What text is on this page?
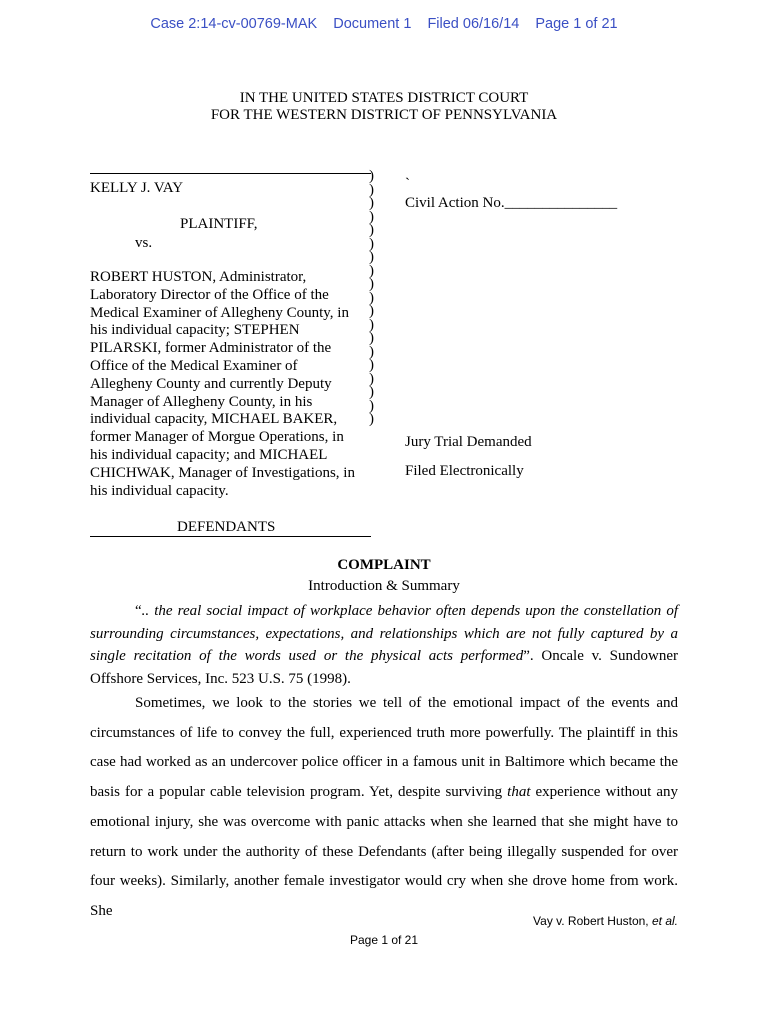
Case 2:14-cv-00769-MAK Document 1 Filed 06/16/14 Page 1 of 21
IN THE UNITED STATES DISTRICT COURT
FOR THE WESTERN DISTRICT OF PENNSYLVANIA
KELLY J. VAY
PLAINTIFF,
vs.
ROBERT HUSTON, Administrator,
Laboratory Director of the Office of the
Medical Examiner of Allegheny County, in
his individual capacity; STEPHEN
PILARSKI, former Administrator of the
Office of the Medical Examiner of
Allegheny County and currently Deputy
Manager of Allegheny County, in his
individual capacity, MICHAEL BAKER,
former Manager of Morgue Operations, in
his individual capacity; and MICHAEL
CHICHWAK, Manager of Investigations, in
his individual capacity.
DEFENDANTS
)
)
)
)
)
)
)
)
)
)
)
)
)
)
)
)
)
)
)
`
Civil Action No._______________
Jury Trial Demanded
Filed Electronically
COMPLAINT
Introduction & Summary
“.. the real social impact of workplace behavior often depends upon the constellation of surrounding circumstances, expectations, and relationships which are not fully captured by a single recitation of the words used or the physical acts performed”. Oncale v. Sundowner Offshore Services, Inc. 523 U.S. 75 (1998).
Sometimes, we look to the stories we tell of the emotional impact of the events and circumstances of life to convey the full, experienced truth more powerfully. The plaintiff in this case had worked as an undercover police officer in a famous unit in Baltimore which became the basis for a popular cable television program. Yet, despite surviving that experience without any emotional injury, she was overcome with panic attacks when she learned that she might have to return to work under the authority of these Defendants (after being illegally suspended for over four weeks). Similarly, another female investigator would cry when she drove home from work. She
Vay v. Robert Huston, et al.
Page 1 of 21
